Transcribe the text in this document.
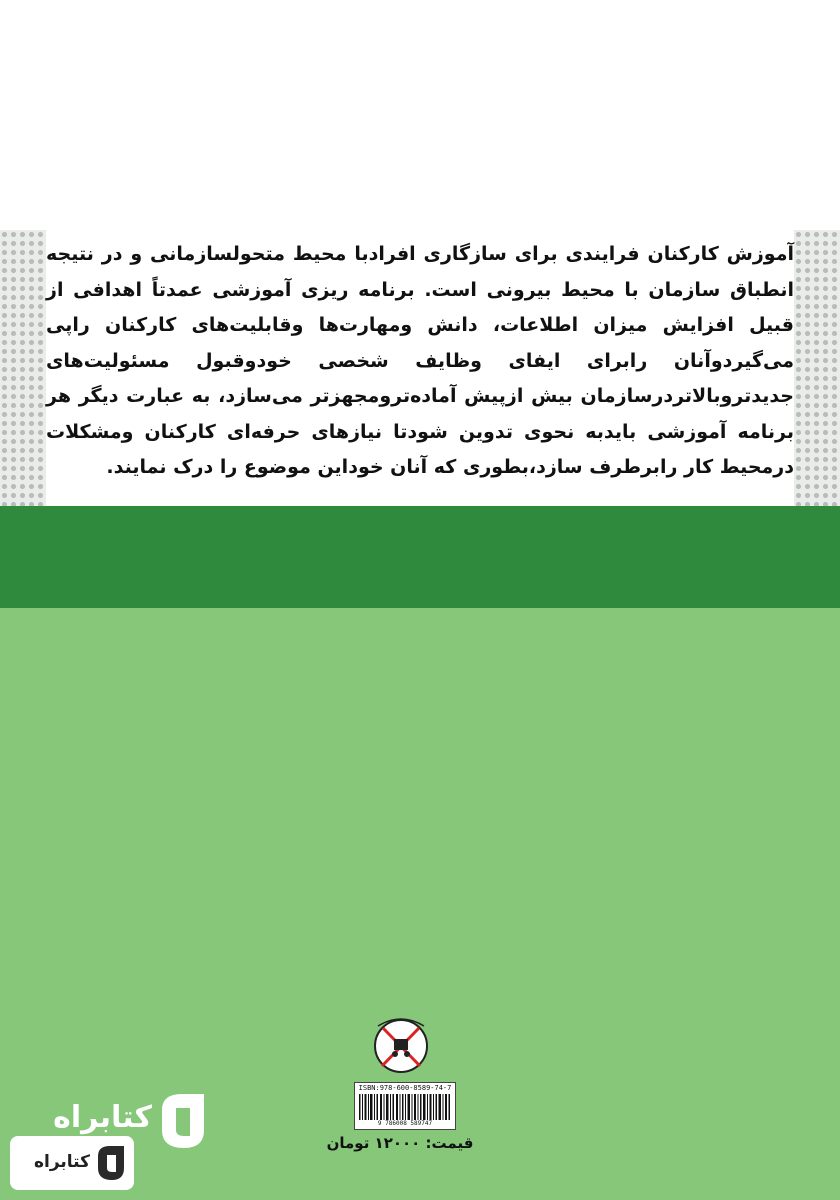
آموزش کارکنان فرایندی برای سازگاری افرادبا محیط متحولسازمانی و در نتیجه انطباق سازمان با محیط بیرونی است. برنامه ریزی آموزشی عمدتاً اهدافی از قبیل افزایش میزان اطلاعات، دانش ومهارت‌ها وقابلیت‌های کارکنان راپی می‌گیردوآنان رابرای ایفای وظایف شخصی خودوقبول مسئولیت‌های جدیدتروبالاتردرسازمان بیش ازپیش آماده‌ترومجهزتر می‌سازد، به عبارت دیگر هر برنامه آموزشی بایدبه نحوی تدوین شودتا نیازهای حرفه‌ای کارکنان ومشکلات درمحیط کار رابرطرف سازد،بطوری که آنان خوداین موضوع را درک نمایند.

ISBN:978-600-8589-74-7
9 786008 589747
قیمت: ۱۲۰۰۰ تومان
کتابراه
کتابراه
